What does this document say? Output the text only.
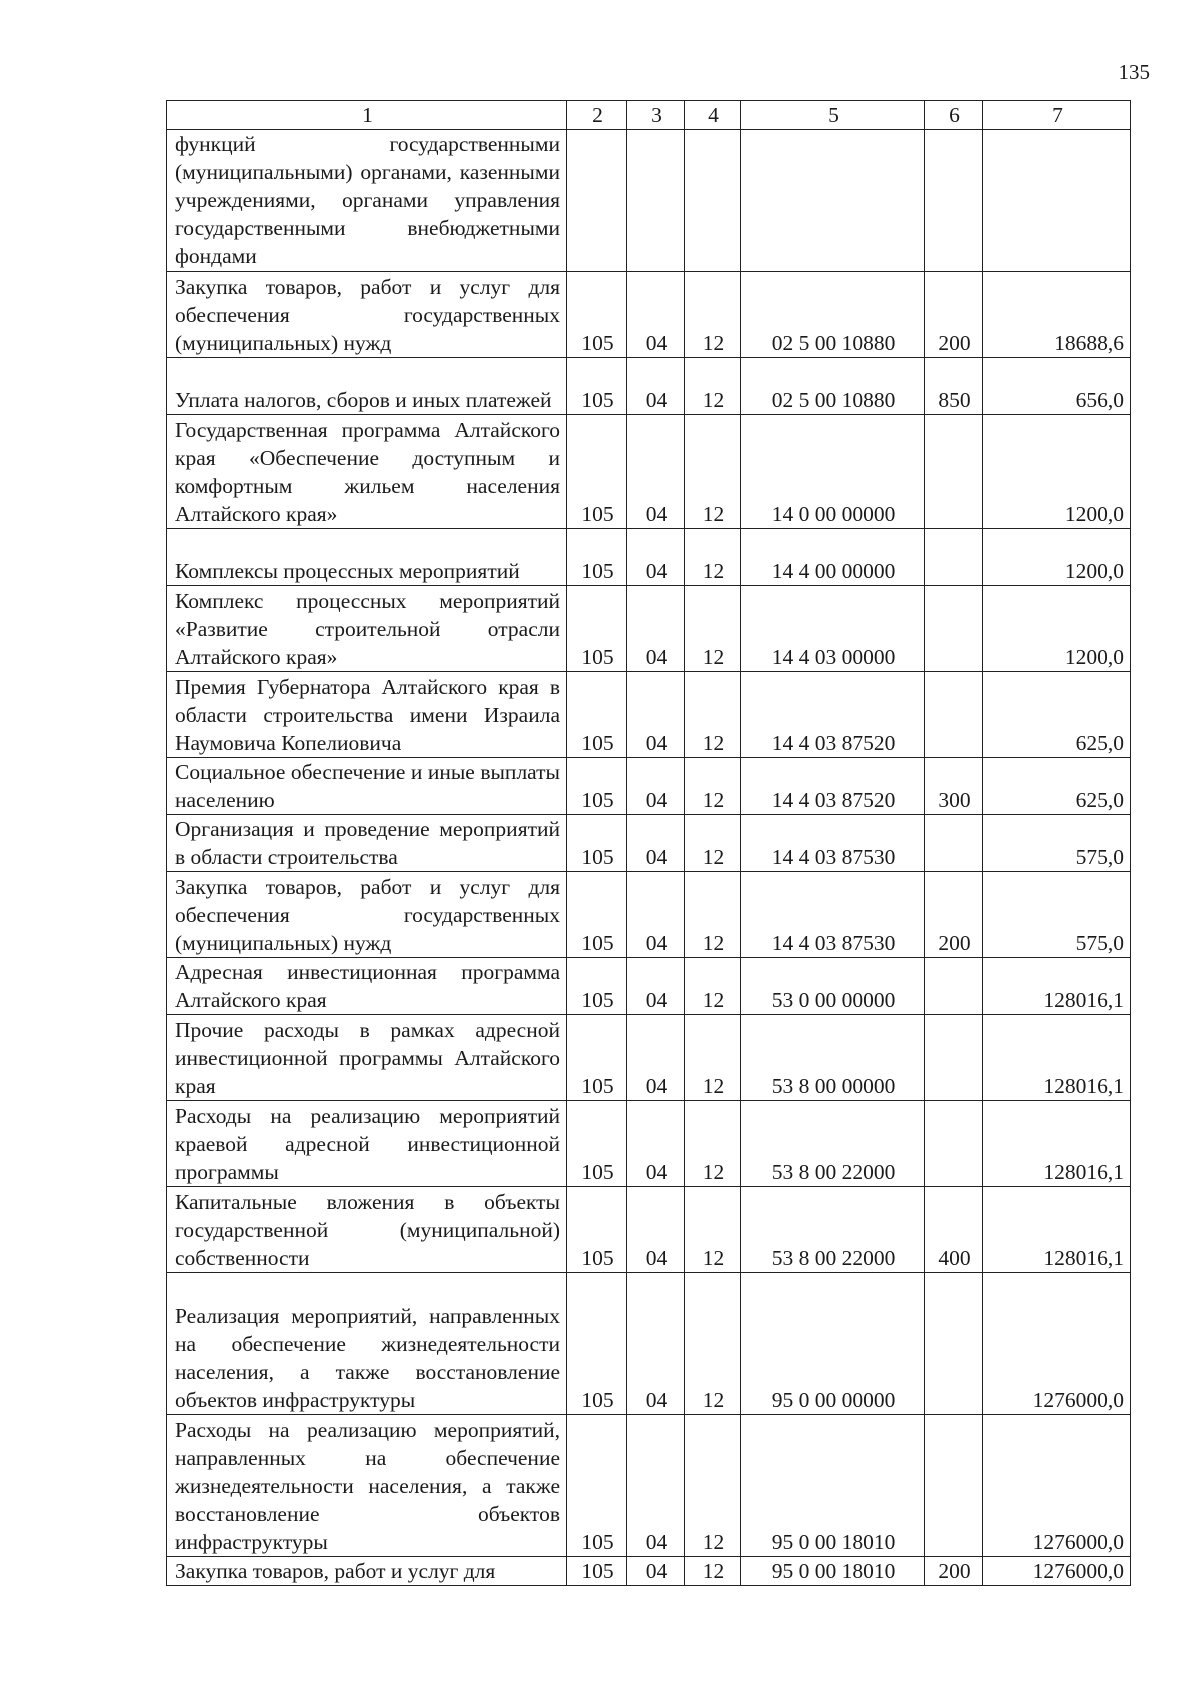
135
1	2	3	4	5	6	7
функций государственными (муниципальными) органами, казенными учреждениями, органами управления государственными внебюджетными фондами						
Закупка товаров, работ и услуг для обеспечения государственных (муниципальных) нужд	105	04	12	02 5 00 10880	200	18688,6
Уплата налогов, сборов и иных платежей	105	04	12	02 5 00 10880	850	656,0
Государственная программа Алтайского края «Обеспечение доступным и комфортным жильем населения Алтайского края»	105	04	12	14 0 00 00000		1200,0
Комплексы процессных мероприятий	105	04	12	14 4 00 00000		1200,0
Комплекс процессных мероприятий «Развитие строительной отрасли Алтайского края»	105	04	12	14 4 03 00000		1200,0
Премия Губернатора Алтайского края в области строительства имени Израила Наумовича Копелиовича	105	04	12	14 4 03 87520		625,0
Социальное обеспечение и иные выплаты населению	105	04	12	14 4 03 87520	300	625,0
Организация и проведение мероприятий в области строительства	105	04	12	14 4 03 87530		575,0
Закупка товаров, работ и услуг для обеспечения государственных (муниципальных) нужд	105	04	12	14 4 03 87530	200	575,0
Адресная инвестиционная программа Алтайского края	105	04	12	53 0 00 00000		128016,1
Прочие расходы в рамках адресной инвестиционной программы Алтайского края	105	04	12	53 8 00 00000		128016,1
Расходы на реализацию мероприятий краевой адресной инвестиционной программы	105	04	12	53 8 00 22000		128016,1
Капитальные вложения в объекты государственной (муниципальной) собственности	105	04	12	53 8 00 22000	400	128016,1
Реализация мероприятий, направленных на обеспечение жизнедеятельности населения, а также восстановление объектов инфраструктуры	105	04	12	95 0 00 00000		1276000,0
Расходы на реализацию мероприятий, направленных на обеспечение жизнедеятельности населения, а также восстановление объектов инфраструктуры	105	04	12	95 0 00 18010		1276000,0
Закупка товаров, работ и услуг для	105	04	12	95 0 00 18010	200	1276000,0
